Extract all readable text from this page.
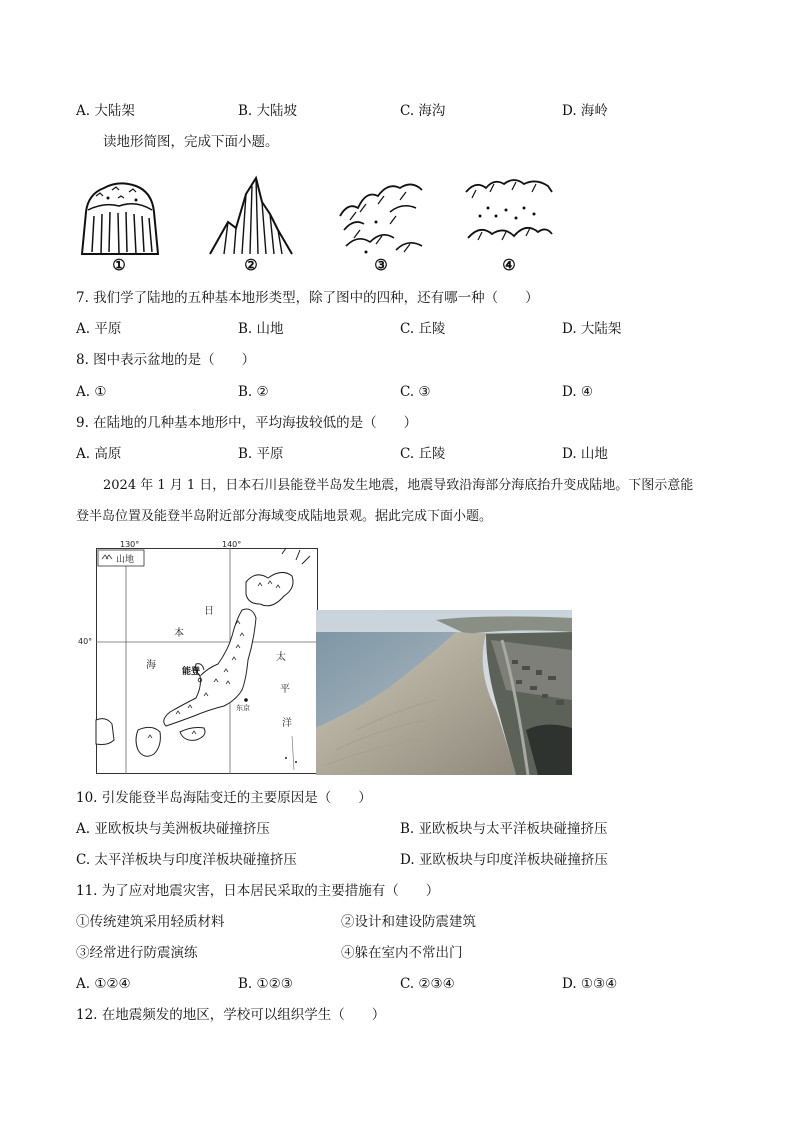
A. 大陆架	B. 大陆坡	C. 海沟	D. 海岭
读地形简图，完成下面小题。
①	②	③	④
7. 我们学了陆地的五种基本地形类型，除了图中的四种，还有哪一种（　　）
A. 平原	B. 山地	C. 丘陵	D. 大陆架
8. 图中表示盆地的是（　　）
A. ①	B. ②	C. ③	D. ④
9. 在陆地的几种基本地形中，平均海拔较低的是（　　）
A. 高原	B. 平原	C. 丘陵	D. 山地
2024 年 1 月 1 日，日本石川县能登半岛发生地震，地震导致沿海部分海底抬升变成陆地。下图示意能
登半岛位置及能登半岛附近部分海域变成陆地景观。据此完成下面小题。
130°	140°
40°
山地
日
本
海
太
平
洋
能登
东京
10. 引发能登半岛海陆变迁的主要原因是（　　）
A. 亚欧板块与美洲板块碰撞挤压	B. 亚欧板块与太平洋板块碰撞挤压
C. 太平洋板块与印度洋板块碰撞挤压	D. 亚欧板块与印度洋板块碰撞挤压
11. 为了应对地震灾害，日本居民采取的主要措施有（　　）
①传统建筑采用轻质材料	②设计和建设防震建筑
③经常进行防震演练	④躲在室内不常出门
A. ①②④	B. ①②③	C. ②③④	D. ①③④
12. 在地震频发的地区，学校可以组织学生（　　）
